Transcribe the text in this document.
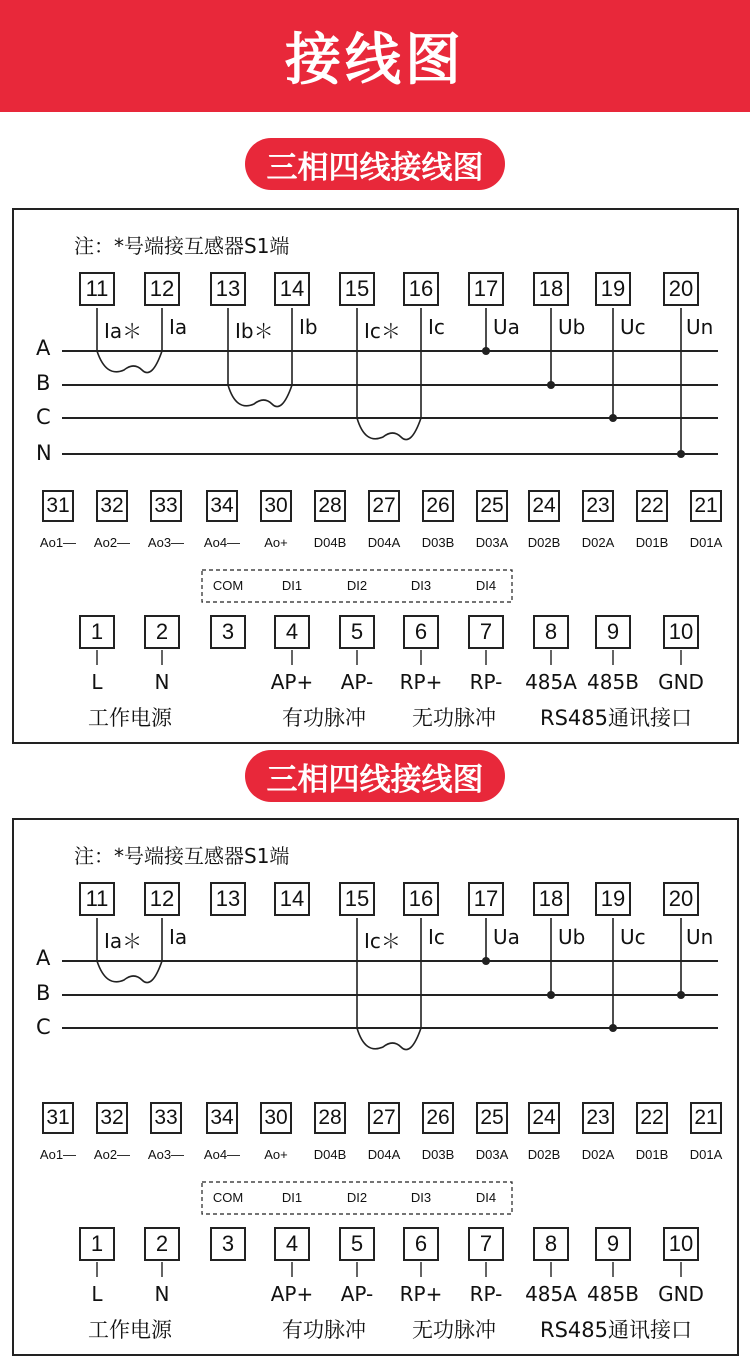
接线图
三相四线接线图
注：*号端接互感器S1端
11 12 13 14 15 16 17 18 19 20
Ia＊ Ia Ib＊ Ib Ic＊ Ic Ua Ub Uc Un
A
B
C
N
31 32 33 34 30 28 27 26 25 24 23 22 21
Ao1— Ao2— Ao3— Ao4— Ao+ D04B D04A D03B D03A D02B D02A D01B D01A
COM	DI1	DI2	DI3	DI4
1	2	3	4	5	6	7	8	9	10
L	N	AP+ AP- RP+ RP- 485A 485B GND
工作电源	有功脉冲 无功脉冲 RS485通讯接口
三相四线接线图
注：*号端接互感器S1端
11 12 13 14 15 16 17 18 19 20
Ia＊ Ia	Ic＊ Ic Ua Ub Uc Un
A
B
C
31 32 33 34 30 28 27 26 25 24 23 22 21
Ao1— Ao2— Ao3— Ao4— Ao+ D04B D04A D03B D03A D02B D02A D01B D01A
COM	DI1	DI2	DI3	DI4
1	2	3	4	5	6	7	8	9	10
L	N	AP+ AP- RP+ RP- 485A 485B GND
工作电源	有功脉冲 无功脉冲 RS485通讯接口
